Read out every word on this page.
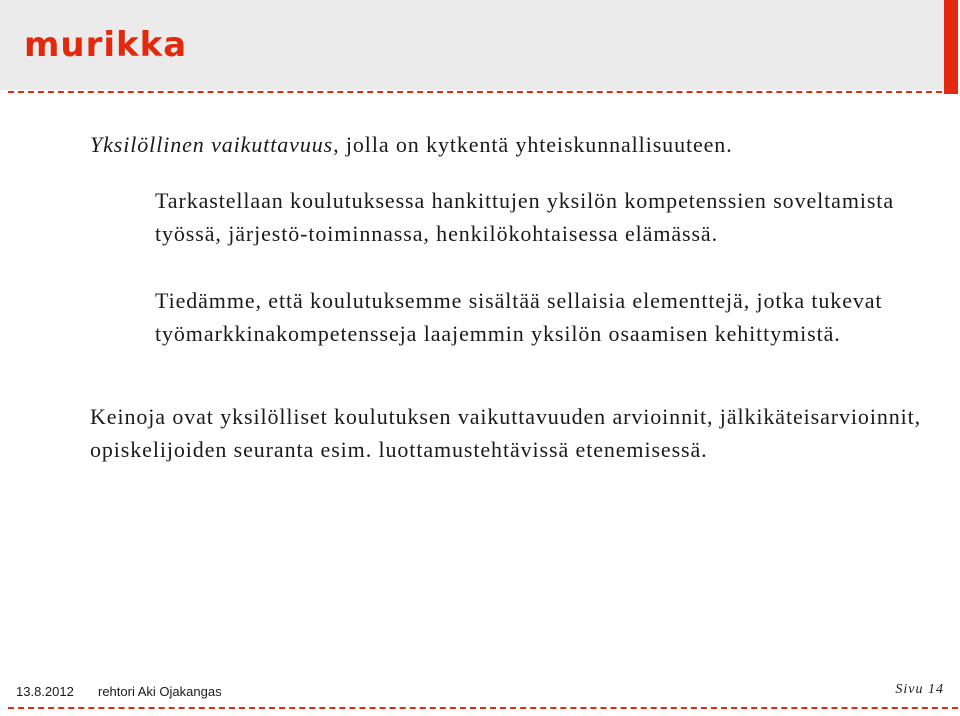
murikka

Yksilöllinen vaikuttavuus, jolla on kytkentä yhteiskunnallisuuteen.

Tarkastellaan koulutuksessa hankittujen yksilön kompetenssien soveltamista työssä, järjestö-toiminnassa, henkilökohtaisessa elämässä.

Tiedämme, että koulutuksemme sisältää sellaisia elementtejä, jotka tukevat työmarkkinakompetensseja laajemmin yksilön osaamisen kehittymistä.

Keinoja ovat yksilölliset koulutuksen vaikuttavuuden arvioinnit, jälkikäteisarvioinnit, opiskelijoiden seuranta esim. luottamustehtävissä etenemisessä.

13.8.2012 rehtori Aki Ojakangas	Sivu 14
